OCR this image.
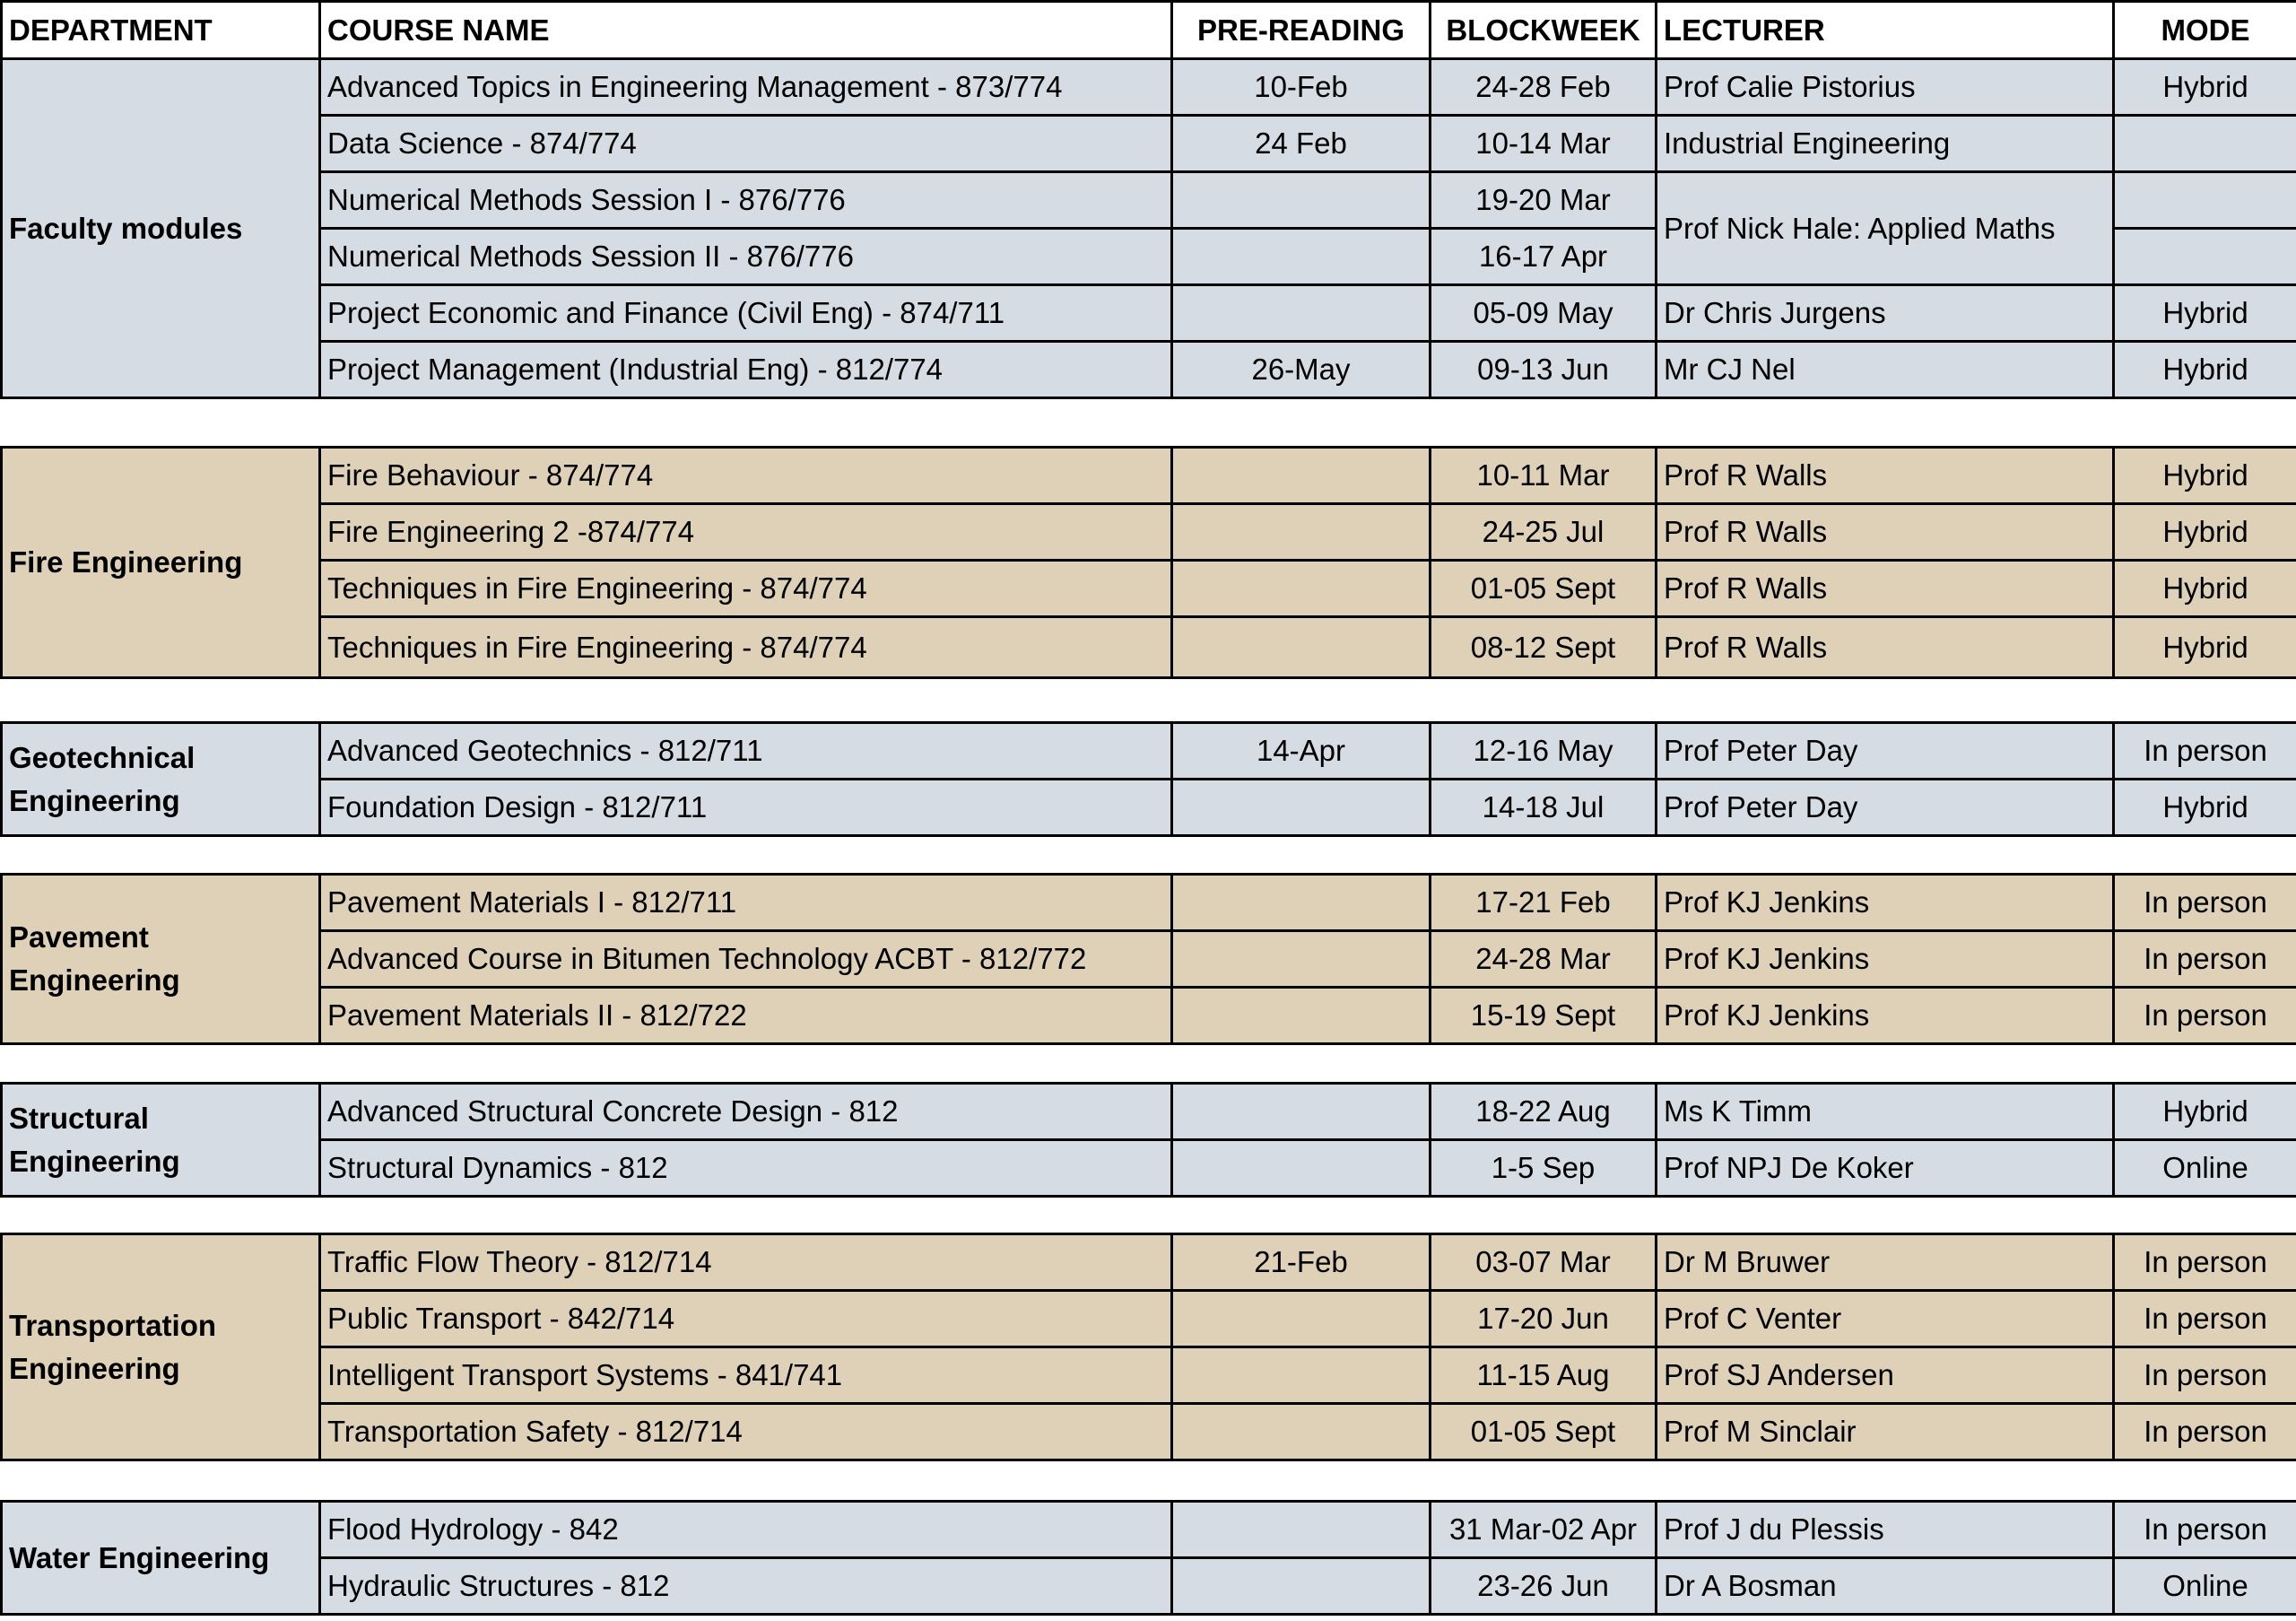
DEPARTMENT	COURSE NAME	PRE-READING	BLOCKWEEK	LECTURER	MODE
Faculty modules	Advanced Topics in Engineering Management - 873/774	10-Feb	24-28 Feb	Prof Calie Pistorius	Hybrid
	Data Science - 874/774	24 Feb	10-14 Mar	Industrial Engineering	
	Numerical Methods Session I - 876/776		19-20 Mar	Prof Nick Hale: Applied Maths	
	Numerical Methods Session II - 876/776		16-17 Apr		
	Project Economic and Finance (Civil Eng) - 874/711		05-09 May	Dr Chris Jurgens	Hybrid
	Project Management (Industrial Eng) - 812/774	26-May	09-13 Jun	Mr CJ Nel	Hybrid
Fire Engineering	Fire Behaviour - 874/774		10-11 Mar	Prof R Walls	Hybrid
	Fire Engineering 2 -874/774		24-25 Jul	Prof R Walls	Hybrid
	Techniques in Fire Engineering - 874/774		01-05 Sept	Prof R Walls	Hybrid
	Techniques in Fire Engineering - 874/774		08-12 Sept	Prof R Walls	Hybrid
Geotechnical Engineering	Advanced Geotechnics - 812/711	14-Apr	12-16 May	Prof Peter Day	In person
	Foundation Design - 812/711		14-18 Jul	Prof Peter Day	Hybrid
Pavement Engineering	Pavement Materials I - 812/711		17-21 Feb	Prof KJ Jenkins	In person
	Advanced Course in Bitumen Technology ACBT - 812/772		24-28 Mar	Prof KJ Jenkins	In person
	Pavement Materials II - 812/722		15-19 Sept	Prof KJ Jenkins	In person
Structural Engineering	Advanced Structural Concrete Design - 812		18-22 Aug	Ms K Timm	Hybrid
	Structural Dynamics - 812		1-5 Sep	Prof NPJ De Koker	Online
Transportation Engineering	Traffic Flow Theory - 812/714	21-Feb	03-07 Mar	Dr M Bruwer	In person
	Public Transport - 842/714		17-20 Jun	Prof C Venter	In person
	Intelligent Transport Systems - 841/741		11-15 Aug	Prof SJ Andersen	In person
	Transportation Safety - 812/714		01-05 Sept	Prof M Sinclair	In person
Water Engineering	Flood Hydrology - 842		31 Mar-02 Apr	Prof J du Plessis	In person
	Hydraulic Structures - 812		23-26 Jun	Dr A Bosman	Online
